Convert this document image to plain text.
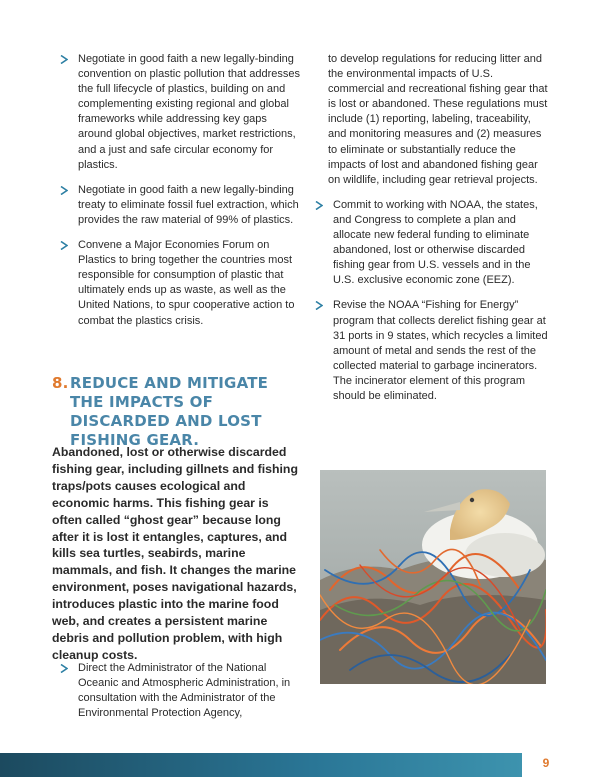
Negotiate in good faith a new legally-binding convention on plastic pollution that addresses the full lifecycle of plastics, building on and complementing existing regional and global frameworks while addressing key gaps around global objectives, market restrictions, and a just and safe circular economy for plastics.
Negotiate in good faith a new legally-binding treaty to eliminate fossil fuel extraction, which provides the raw material of 99% of plastics.
Convene a Major Economies Forum on Plastics to bring together the countries most responsible for consumption of plastic that ultimately ends up as waste, as well as the United Nations, to spur cooperative action to combat the plastics crisis.
8. REDUCE AND MITIGATE THE IMPACTS OF DISCARDED AND LOST FISHING GEAR.

Abandoned, lost or otherwise discarded fishing gear, including gillnets and fishing traps/pots causes ecological and economic harms. This fishing gear is often called “ghost gear” because long after it is lost it entangles, captures, and kills sea turtles, seabirds, marine mammals, and fish. It changes the marine environment, poses navigational hazards, introduces plastic into the marine food web, and creates a persistent marine debris and pollution problem, with high cleanup costs.

Direct the Administrator of the National Oceanic and Atmospheric Administration, in consultation with the Administrator of the Environmental Protection Agency,

to develop regulations for reducing litter and the environmental impacts of U.S. commercial and recreational fishing gear that is lost or abandoned. These regulations must include (1) reporting, labeling, traceability, and monitoring measures and (2) measures to eliminate or substantially reduce the impacts of lost and abandoned fishing gear on wildlife, including gear retrieval projects.

Commit to working with NOAA, the states, and Congress to complete a plan and allocate new federal funding to eliminate abandoned, lost or otherwise discarded fishing gear from U.S. vessels and in the U.S. exclusive economic zone (EEZ).
Revise the NOAA “Fishing for Energy” program that collects derelict fishing gear at 31 ports in 9 states, which recycles a limited amount of metal and sends the rest of the collected material to garbage incinerators. The incinerator element of this program should be eliminated.
9
